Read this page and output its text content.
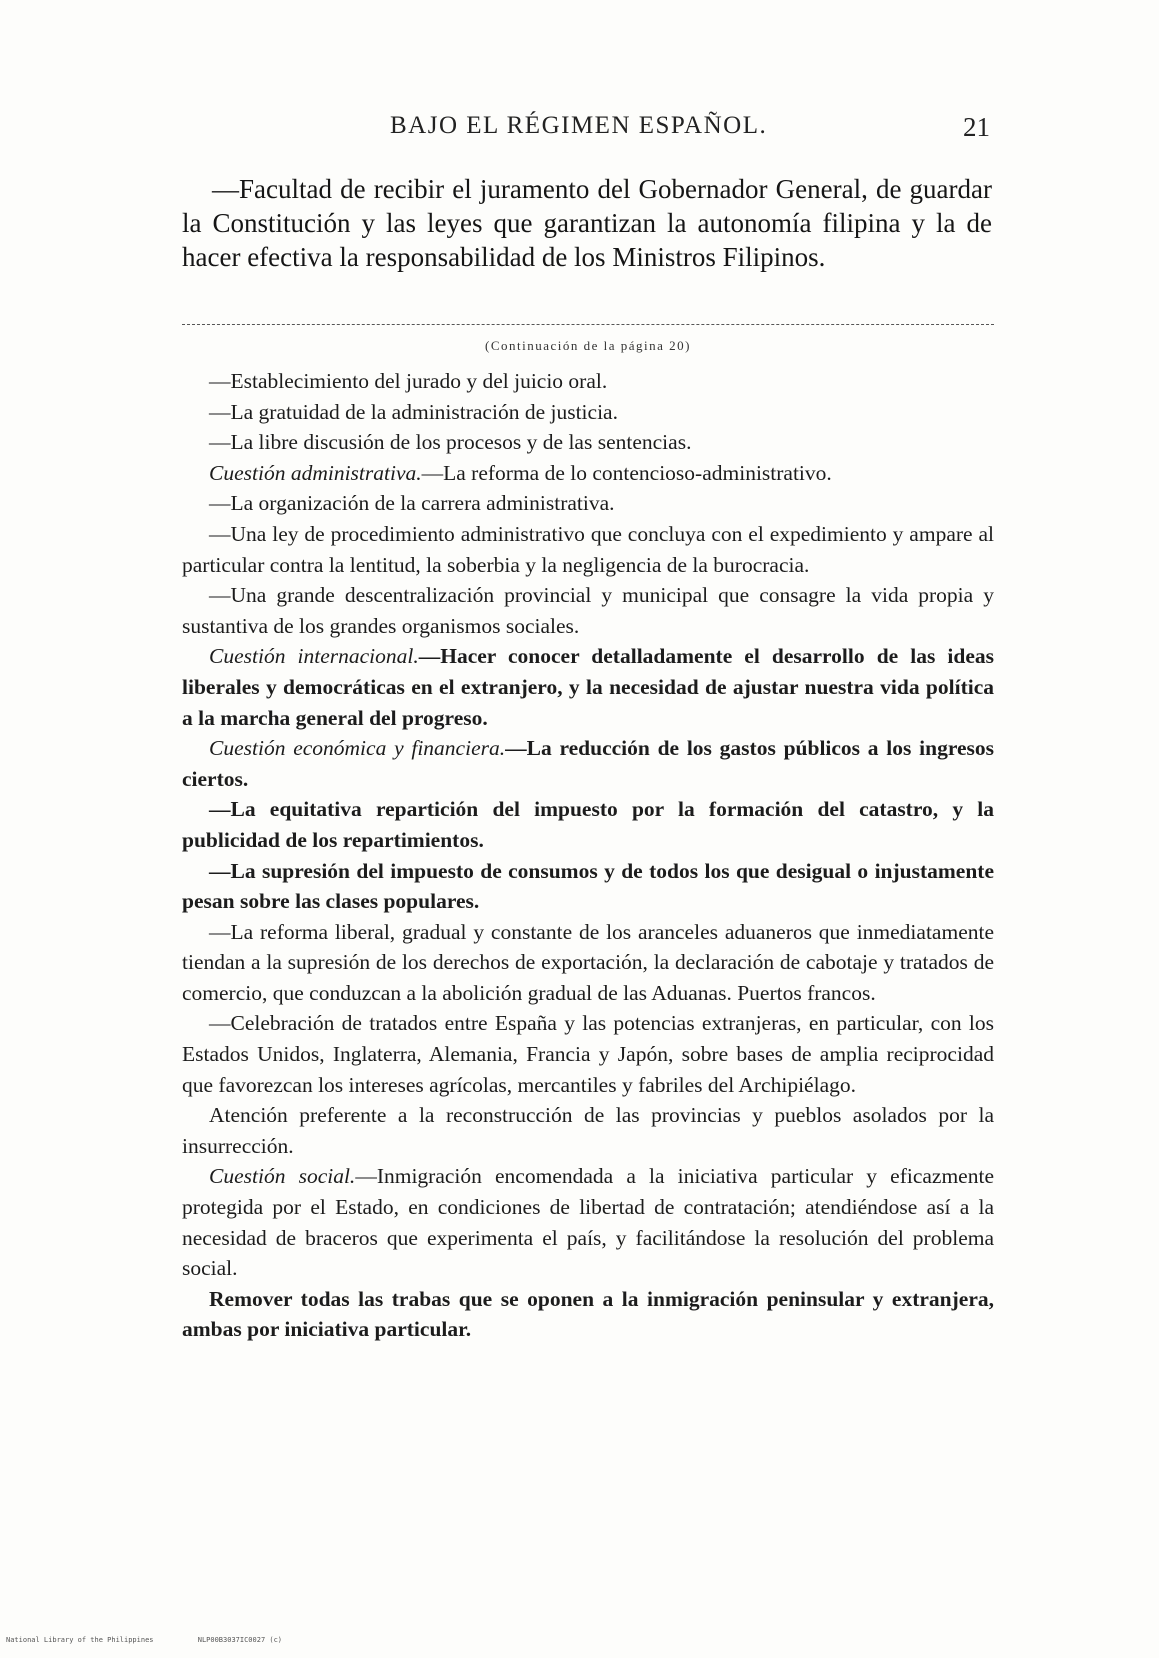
BAJO EL RÉGIMEN ESPAÑOL.	21

—Facultad de recibir el juramento del Gobernador General, de guardar la Constitución y las leyes que garantizan la autonomía filipina y la de hacer efectiva la responsabilidad de los Ministros Filipinos.

(Continuación de la página 20)

—Establecimiento del jurado y del juicio oral.

—La gratuidad de la administración de justicia.

—La libre discusión de los procesos y de las sentencias.

Cuestión administrativa.—La reforma de lo contencioso-administrativo.

—La organización de la carrera administrativa.

—Una ley de procedimiento administrativo que concluya con el expedimiento y ampare al particular contra la lentitud, la soberbia y la negligencia de la burocracia.

—Una grande descentralización provincial y municipal que consagre la vida propia y sustantiva de los grandes organismos sociales.

Cuestión internacional.—Hacer conocer detalladamente el desarrollo de las ideas liberales y democráticas en el extranjero, y la necesidad de ajustar nuestra vida política a la marcha general del progreso.

Cuestión económica y financiera.—La reducción de los gastos públicos a los ingresos ciertos.

—La equitativa repartición del impuesto por la formación del catastro, y la publicidad de los repartimientos.

—La supresión del impuesto de consumos y de todos los que desigual o injustamente pesan sobre las clases populares.

—La reforma liberal, gradual y constante de los aranceles aduaneros que inmediatamente tiendan a la supresión de los derechos de exportación, la declaración de cabotaje y tratados de comercio, que conduzcan a la abolición gradual de las Aduanas. Puertos francos.

—Celebración de tratados entre España y las potencias extranjeras, en particular, con los Estados Unidos, Inglaterra, Alemania, Francia y Japón, sobre bases de amplia reciprocidad que favorezcan los intereses agrícolas, mercantiles y fabriles del Archipiélago.

Atención preferente a la reconstrucción de las provincias y pueblos asolados por la insurrección.

Cuestión social.—Inmigración encomendada a la iniciativa particular y eficazmente protegida por el Estado, en condiciones de libertad de contratación; atendiéndose así a la necesidad de braceros que experimenta el país, y facilitándose la resolución del problema social.

Remover todas las trabas que se oponen a la inmigración peninsular y extranjera, ambas por iniciativa particular.

National Library of the Philippines	NLP00B3037IC0027 (c)
